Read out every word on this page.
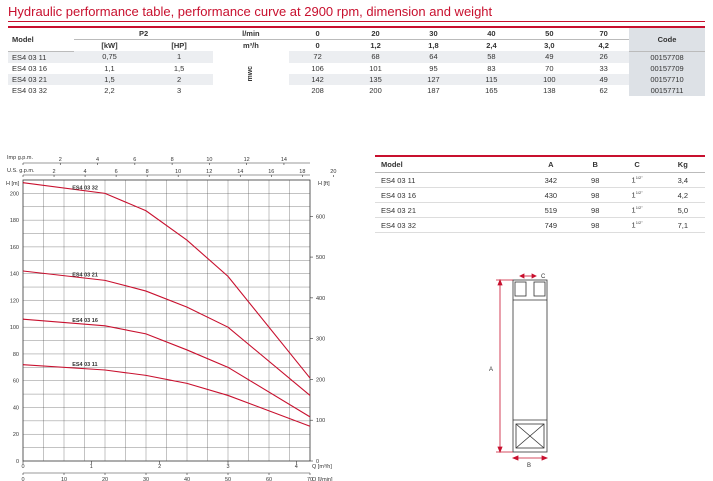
Hydraulic performance table, performance curve at 2900 rpm, dimension and weight
Model	P2		l/min	0	20	30	40	50	70	Code
	[kW]	[HP]	m³/h	0	1,2	1,8	2,4	3,0	4,2	
ES4 03 11	0,75	1	mwc	72	68	64	58	49	26	00157708
ES4 03 16	1,1	1,5		106	101	95	83	70	33	00157709
ES4 03 21	1,5	2		142	135	127	115	100	49	00157710
ES4 03 32	2,2	3		208	200	187	165	138	62	00157711
Model	A	B	C	Kg
ES4 03 11	342	98	$1^{1/2"}$	3,4
ES4 03 16	430	98	$1^{1/2"}$	4,2
ES4 03 21	519	98	$1^{1/2"}$	5,0
ES4 03 32	749	98	$1^{1/2"}$	7,1
0
20
40
60
80
100
120
140
160
180
200
0
100
200
300
400
500
600
2	4	6	8	10	12	14
2	4	6	8	10	12	14	16	18	20
0	1	2	3	4
0	10	20	30	40	50	60	70
ES4 03 32
ES4 03 21
ES4 03 16
ES4 03 11
Imp g.p.m.
U.S. g.p.m.
H [m]	H [ft]
Q [m³/h]
Q [l/min]
A
B
C
